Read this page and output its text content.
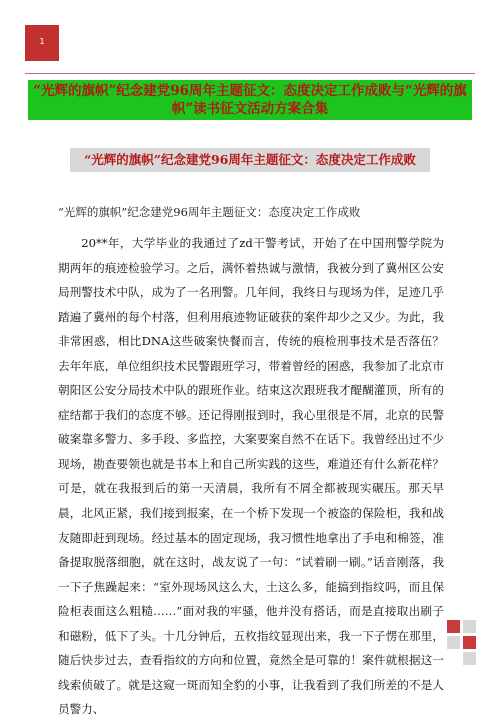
1
“光辉的旗帜”纪念建党96周年主题征文：态度决定工作成败与“光辉的旗帜”读书征文活动方案合集
“光辉的旗帜”纪念建党96周年主题征文：态度决定工作成败
“光辉的旗帜”纪念建党96周年主题征文：态度决定工作成败
20**年，大学毕业的我通过了zd干警考试，开始了在中国刑警学院为期两年的痕迹检验学习。之后，满怀着热诚与激情，我被分到了冀州区公安局刑警技术中队，成为了一名刑警。几年间，我终日与现场为伴，足迹几乎踏遍了冀州的每个村落，但利用痕迹物证破获的案件却少之又少。为此，我非常困惑，相比DNA这些破案快餐而言，传统的痕检刑事技术是否落伍？去年年底，单位组织技术民警跟班学习，带着曾经的困惑，我参加了北京市朝阳区公安分局技术中队的跟班作业。结束这次跟班我才醍醐灌顶，所有的症结都于我们的态度不够。还记得刚报到时，我心里很是不屑，北京的民警破案靠多警力、多手段、多监控，大案要案自然不在话下。我曾经出过不少现场，勘查要领也就是书本上和自己所实践的这些，难道还有什么新花样？可是，就在我报到后的第一天清晨，我所有不屑全都被现实碾压。那天早晨，北风正紧，我们接到报案，在一个桥下发现一个被盗的保险柜，我和战友随即赶到现场。经过基本的固定现场，我习惯性地拿出了手电和棉签，准备提取脱落细胞，就在这时，战友说了一句：“试着刷一刷。”话音刚落，我一下子焦躁起来：“室外现场风这么大，土这么多，能搞到指纹吗，而且保险柜表面这么粗糙……”面对我的牢骚，他并没有搭话，而是直接取出刷子和磁粉，低下了头。十几分钟后，五枚指纹显现出来，我一下子愣在那里，随后快步过去，查看指纹的方向和位置，竟然全是可靠的！案件就根据这一线索侦破了。就是这窥一斑而知全豹的小事，让我看到了我们所差的不是人员警力、
